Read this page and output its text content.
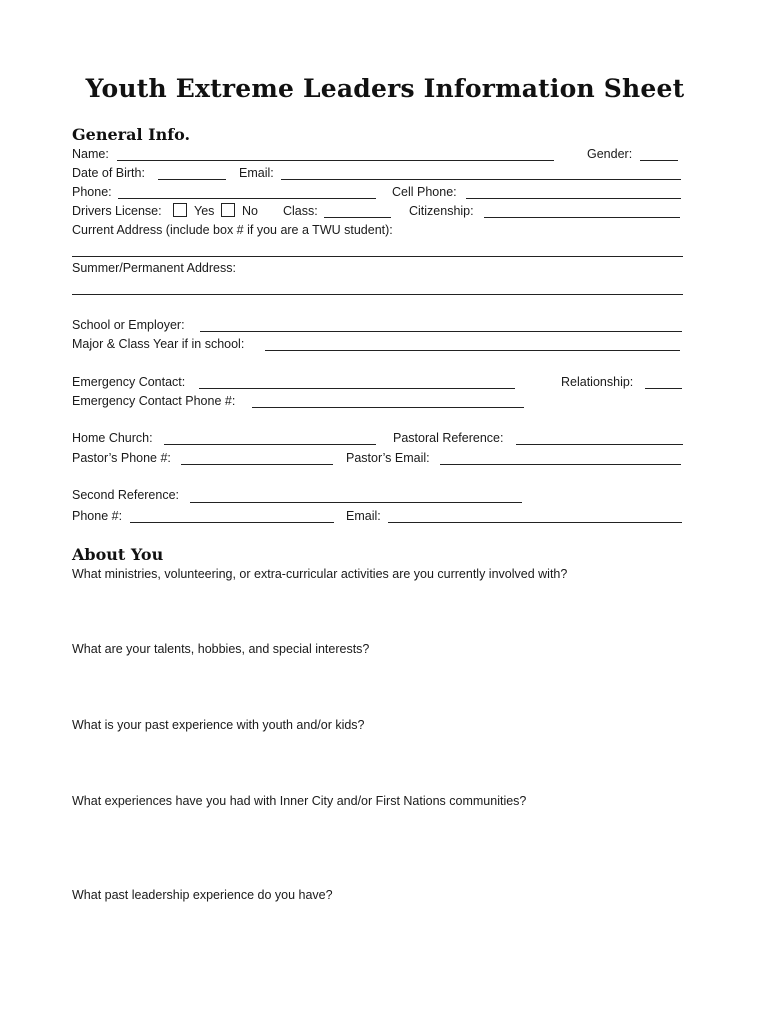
Youth Extreme Leaders Information Sheet
General Info.
Name:	Gender:
Date of Birth:	Email:
Phone:	Cell Phone:
Drivers License:	Yes No Class:	Citizenship:
Current Address (include box # if you are a TWU student):
Summer/Permanent Address:
School or Employer:
Major & Class Year if in school:
Emergency Contact:	Relationship:
Emergency Contact Phone #:
Home Church:	Pastoral Reference:
Pastor’s Phone #:	Pastor’s Email:
Second Reference:
Phone #:	Email:
About You
What ministries, volunteering, or extra-curricular activities are you currently involved with?
What are your talents, hobbies, and special interests?
What is your past experience with youth and/or kids?
What experiences have you had with Inner City and/or First Nations communities?
What past leadership experience do you have?
